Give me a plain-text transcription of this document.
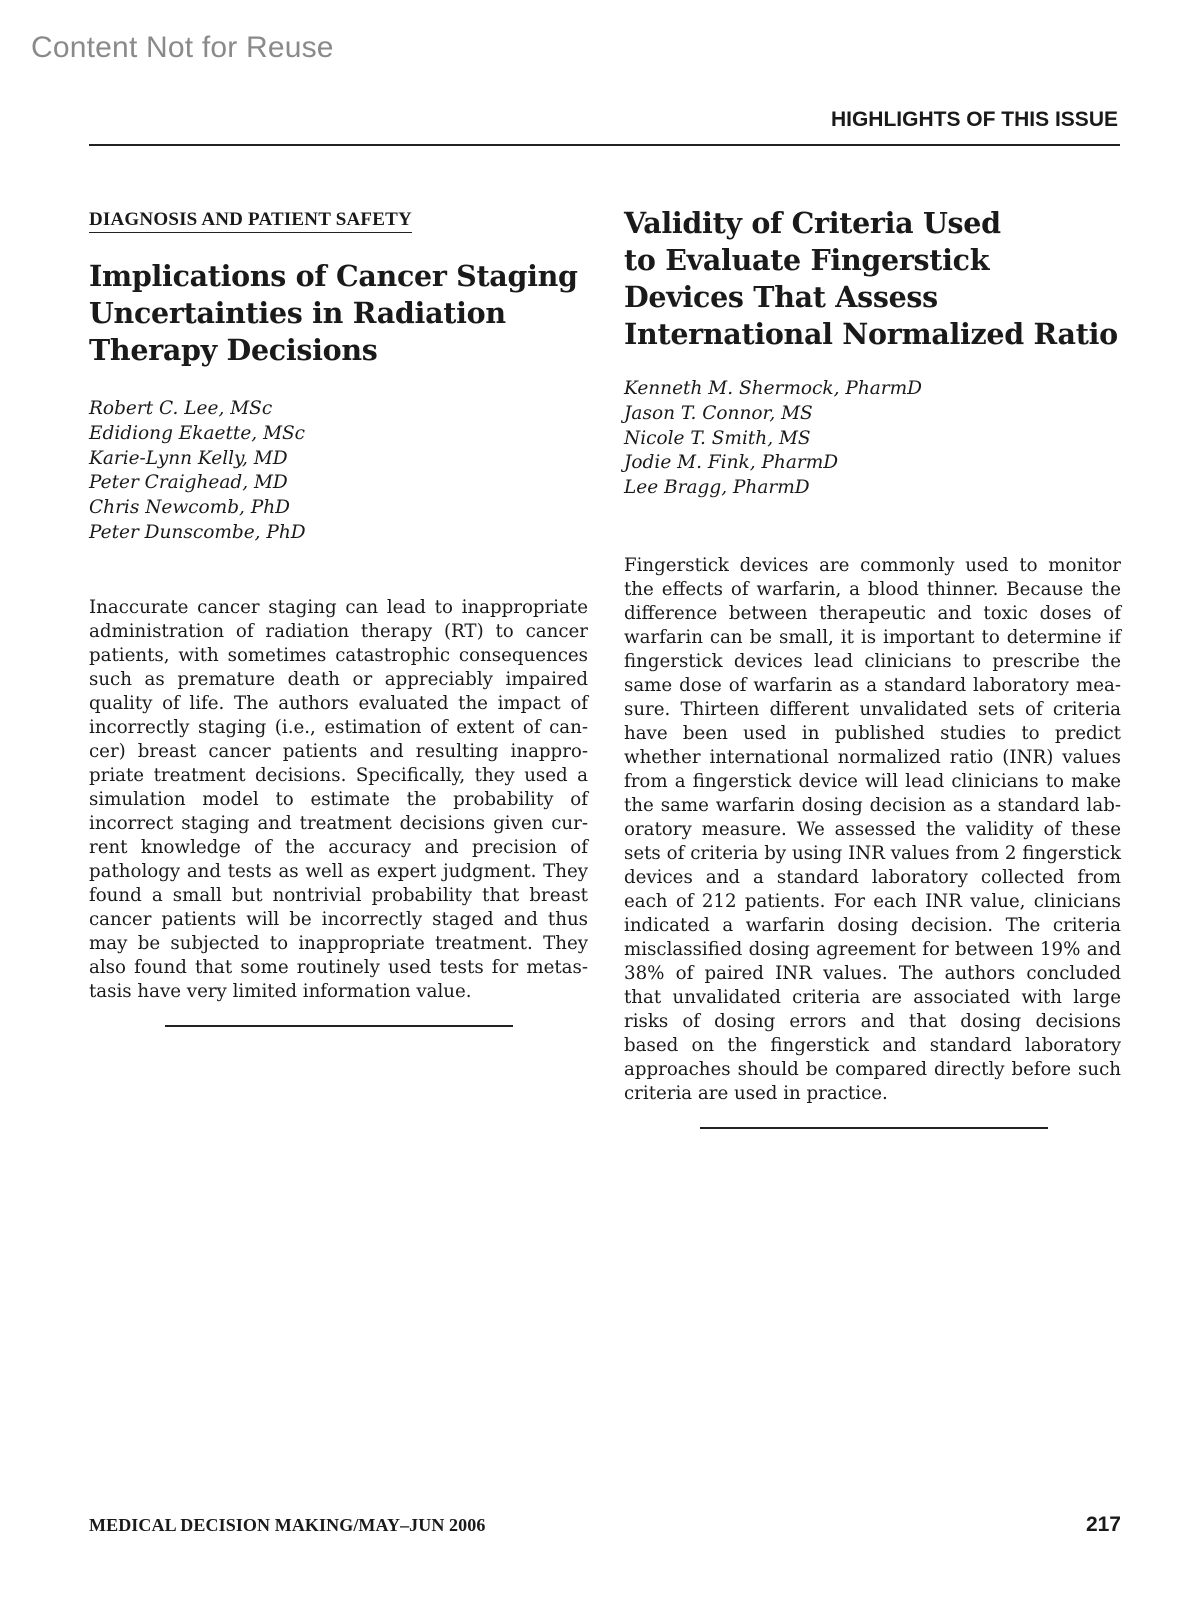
Content Not for Reuse
HIGHLIGHTS OF THIS ISSUE
DIAGNOSIS AND PATIENT SAFETY
Implications of Cancer Staging
Uncertainties in Radiation
Therapy Decisions
Robert C. Lee, MSc
Edidiong Ekaette, MSc
Karie-Lynn Kelly, MD
Peter Craighead, MD
Chris Newcomb, PhD
Peter Dunscombe, PhD

Inaccurate cancer staging can lead to inappropriate administration of radiation therapy (RT) to cancer patients, with sometimes catastrophic consequences such as premature death or appreciably impaired quality of life. The authors evaluated the impact of incorrectly staging (i.e., estimation of extent of cancer) breast cancer patients and resulting inappropriate treatment decisions. Specifically, they used a simulation model to estimate the probability of incorrect staging and treatment decisions given current knowledge of the accuracy and precision of pathology and tests as well as expert judgment. They found a small but nontrivial probability that breast cancer patients will be incorrectly staged and thus may be subjected to inappropriate treatment. They also found that some routinely used tests for metastasis have very limited information value.

Validity of Criteria Used
to Evaluate Fingerstick
Devices That Assess
International Normalized Ratio
Kenneth M. Shermock, PharmD
Jason T. Connor, MS
Nicole T. Smith, MS
Jodie M. Fink, PharmD
Lee Bragg, PharmD

Fingerstick devices are commonly used to monitor the effects of warfarin, a blood thinner. Because the difference between therapeutic and toxic doses of warfarin can be small, it is important to determine if fingerstick devices lead clinicians to prescribe the same dose of warfarin as a standard laboratory measure. Thirteen different unvalidated sets of criteria have been used in published studies to predict whether international normalized ratio (INR) values from a fingerstick device will lead clinicians to make the same warfarin dosing decision as a standard laboratory measure. We assessed the validity of these sets of criteria by using INR values from 2 fingerstick devices and a standard laboratory collected from each of 212 patients. For each INR value, clinicians indicated a warfarin dosing decision. The criteria misclassified dosing agreement for between 19% and 38% of paired INR values. The authors concluded that unvalidated criteria are associated with large risks of dosing errors and that dosing decisions based on the fingerstick and standard laboratory approaches should be compared directly before such criteria are used in practice.

MEDICAL DECISION MAKING/MAY–JUN 2006	217
